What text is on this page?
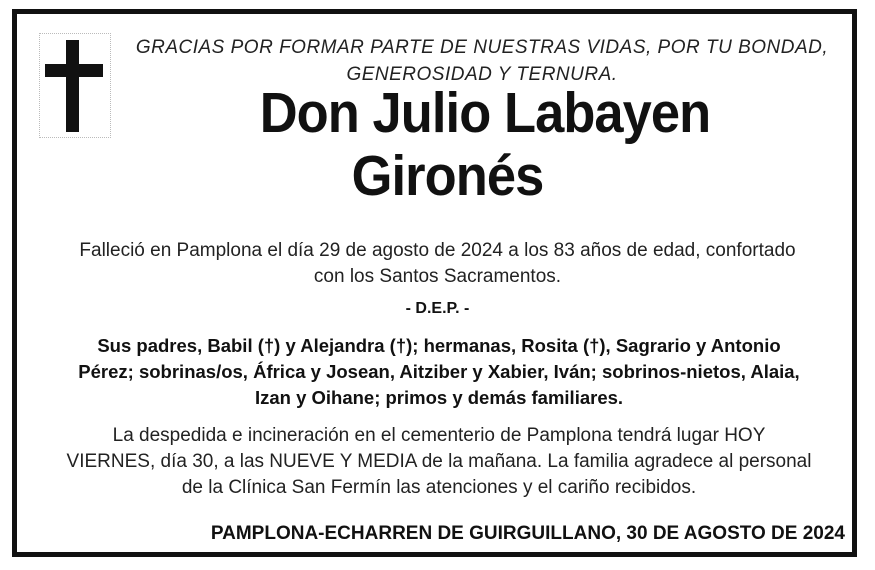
GRACIAS POR FORMAR PARTE DE NUESTRAS VIDAS, POR TU BONDAD,
GENEROSIDAD Y TERNURA.
Don Julio Labayen
Gironés
Falleció en Pamplona el día 29 de agosto de 2024 a los 83 años de edad, confortado
con los Santos Sacramentos.
- D.E.P. -
Sus padres, Babil (†) y Alejandra (†); hermanas, Rosita (†), Sagrario y Antonio
Pérez; sobrinas/os, África y Josean, Aitziber y Xabier, Iván; sobrinos-nietos, Alaia,
Izan y Oihane; primos y demás familiares.
La despedida e incineración en el cementerio de Pamplona tendrá lugar HOY
VIERNES, día 30, a las NUEVE Y MEDIA de la mañana. La familia agradece al personal
de la Clínica San Fermín las atenciones y el cariño recibidos.
PAMPLONA-ECHARREN DE GUIRGUILLANO, 30 DE AGOSTO DE 2024
